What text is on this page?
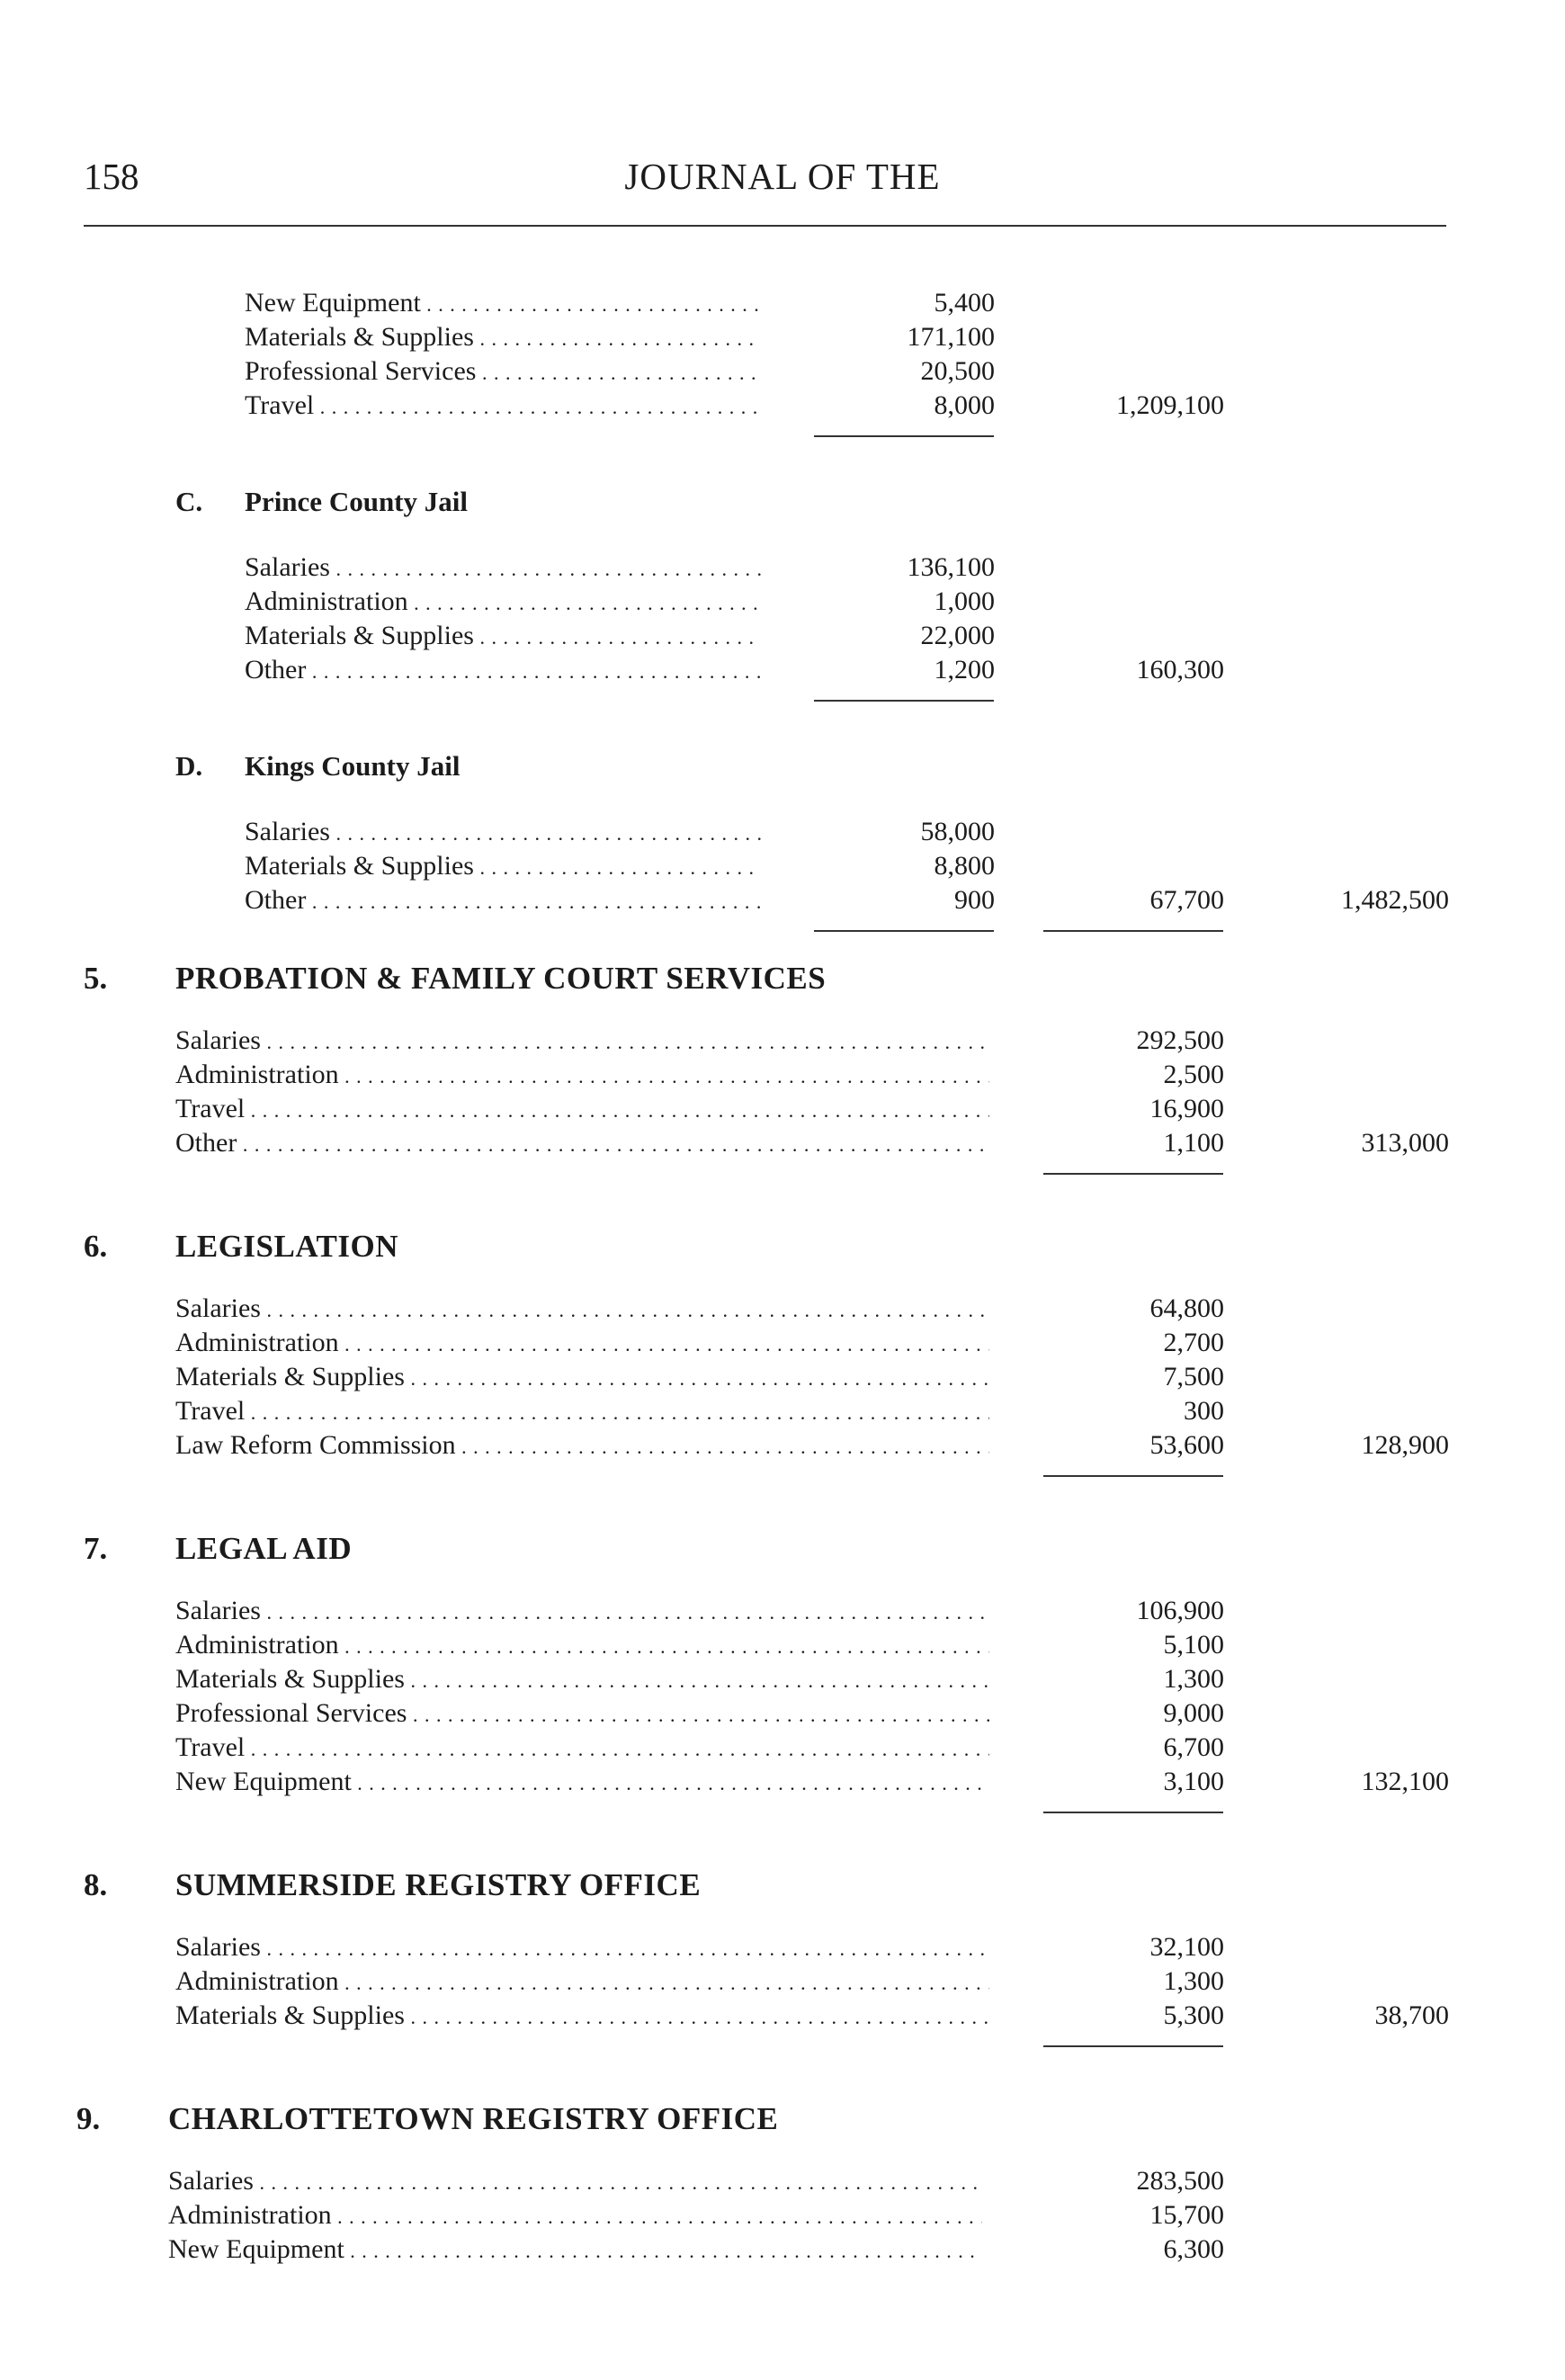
158	JOURNAL OF THE
New Equipment . . .	5,400
Materials & Supplies . . .	171,100
Professional Services . . .	20,500
Travel . . .	8,000	1,209,100
C. Prince County Jail
Salaries . . .	136,100
Administration . . .	1,000
Materials & Supplies . . .	22,000
Other . . .	1,200	160,300
D. Kings County Jail
Salaries . . .	58,000
Materials & Supplies . . .	8,800
Other . . .	900	67,700	1,482,500
5. PROBATION & FAMILY COURT SERVICES
Salaries . . .	292,500
Administration . . .	2,500
Travel . . .	16,900
Other . . .	1,100	313,000
6. LEGISLATION
Salaries . . .	64,800
Administration . . .	2,700
Materials & Supplies . . .	7,500
Travel . . .	300
Law Reform Commission . . .	53,600	128,900
7. LEGAL AID
Salaries . . .	106,900
Administration . . .	5,100
Materials & Supplies . . .	1,300
Professional Services . . .	9,000
Travel . . .	6,700
New Equipment . . .	3,100	132,100
8. SUMMERSIDE REGISTRY OFFICE
Salaries . . .	32,100
Administration . . .	1,300
Materials & Supplies . . .	5,300	38,700
9. CHARLOTTETOWN REGISTRY OFFICE
Salaries . . .	283,500
Administration . . .	15,700
New Equipment . . .	6,300
